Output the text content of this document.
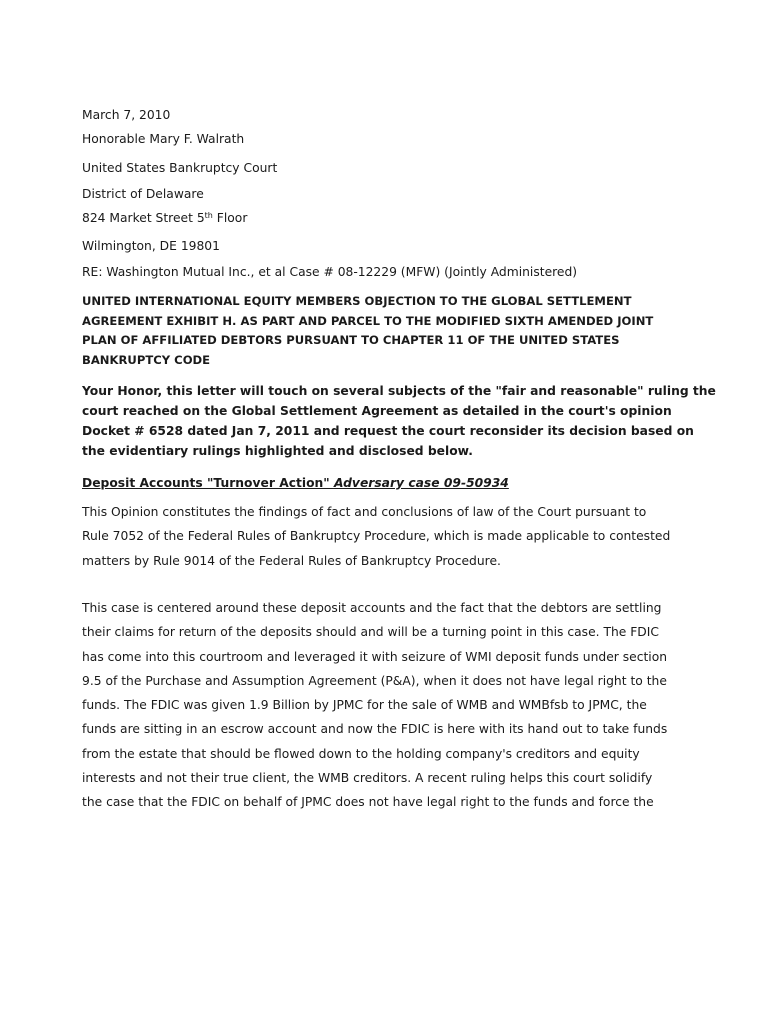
March 7, 2010
Honorable Mary F. Walrath
United States Bankruptcy Court
District of Delaware
824 Market Street 5th Floor
Wilmington, DE 19801
RE: Washington Mutual Inc., et al Case # 08-12229 (MFW) (Jointly Administered)
UNITED INTERNATIONAL EQUITY MEMBERS OBJECTION TO THE GLOBAL SETTLEMENT
AGREEMENT EXHIBIT H. AS PART AND PARCEL TO THE MODIFIED SIXTH AMENDED JOINT
PLAN OF AFFILIATED DEBTORS PURSUANT TO CHAPTER 11 OF THE UNITED STATES
BANKRUPTCY CODE
Your Honor, this letter will touch on several subjects of the "fair and reasonable" ruling the
court reached on the Global Settlement Agreement as detailed in the court's opinion
Docket # 6528 dated Jan 7, 2011 and request the court reconsider its decision based on
the evidentiary rulings highlighted and disclosed below.
Deposit Accounts "Turnover Action" Adversary case 09-50934
This Opinion constitutes the findings of fact and conclusions of law of the Court pursuant to
Rule 7052 of the Federal Rules of Bankruptcy Procedure, which is made applicable to contested
matters by Rule 9014 of the Federal Rules of Bankruptcy Procedure.
This case is centered around these deposit accounts and the fact that the debtors are settling
their claims for return of the deposits should and will be a turning point in this case. The FDIC
has come into this courtroom and leveraged it with seizure of WMI deposit funds under section
9.5 of the Purchase and Assumption Agreement (P&A), when it does not have legal right to the
funds. The FDIC was given 1.9 Billion by JPMC for the sale of WMB and WMBfsb to JPMC, the
funds are sitting in an escrow account and now the FDIC is here with its hand out to take funds
from the estate that should be flowed down to the holding company's creditors and equity
interests and not their true client, the WMB creditors. A recent ruling helps this court solidify
the case that the FDIC on behalf of JPMC does not have legal right to the funds and force the
